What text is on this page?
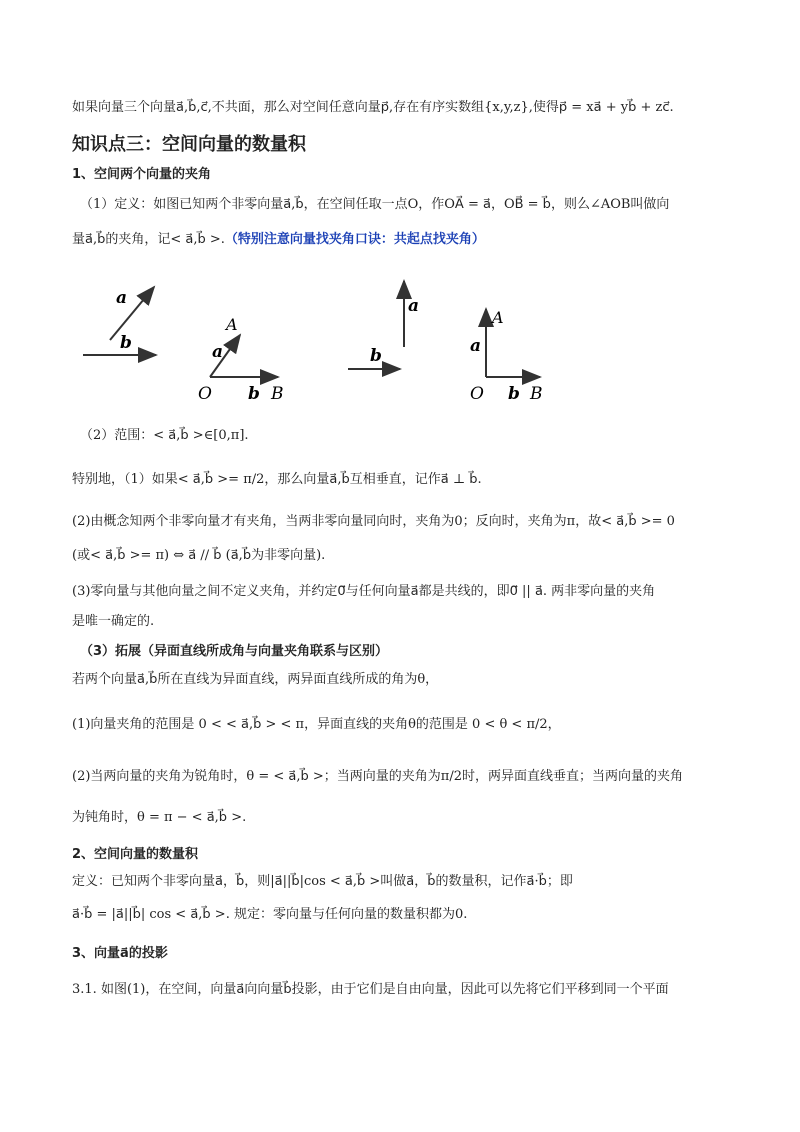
如果向量三个向量a⃗,b⃗,c⃗,不共面，那么对空间任意向量p⃗,存在有序实数组{x,y,z},使得p⃗ = xa⃗ + yb⃗ + zc⃗.
知识点三：空间向量的数量积
1、空间两个向量的夹角
（1）定义：如图已知两个非零向量a⃗,b⃗，在空间任取一点O，作OA⃗ = a⃗，OB⃗ = b⃗，则么∠AOB叫做向
量a⃗,b⃗的夹角，记< a⃗,b⃗ >.（特别注意向量找夹角口诀：共起点找夹角）
a
b
A
a
O b B
a
b
A
a
O b B
（2）范围：< a⃗,b⃗ >∈[0,π].
特别地，（1）如果< a⃗,b⃗ >= π/2，那么向量a⃗,b⃗互相垂直，记作a⃗ ⊥ b⃗.
(2)由概念知两个非零向量才有夹角，当两非零向量同向时，夹角为0；反向时，夹角为π，故< a⃗,b⃗ >= 0
(或< a⃗,b⃗ >= π) ⇔ a⃗ // b⃗ (a⃗,b⃗为非零向量).
(3)零向量与其他向量之间不定义夹角，并约定0⃗与任何向量a⃗都是共线的，即0⃗ || a⃗. 两非零向量的夹角
是唯一确定的.
（3）拓展（异面直线所成角与向量夹角联系与区别）
若两个向量a⃗,b⃗所在直线为异面直线，两异面直线所成的角为θ，
(1)向量夹角的范围是 0 < < a⃗,b⃗ > < π，异面直线的夹角θ的范围是 0 < θ < π/2，
(2)当两向量的夹角为锐角时，θ = < a⃗,b⃗ >；当两向量的夹角为π/2时，两异面直线垂直；当两向量的夹角
为钝角时，θ = π − < a⃗,b⃗ >.
2、空间向量的数量积
定义：已知两个非零向量a⃗，b⃗，则|a⃗||b⃗|cos < a⃗,b⃗ >叫做a⃗，b⃗的数量积，记作a⃗·b⃗；即
a⃗·b⃗ = |a⃗||b⃗| cos < a⃗,b⃗ >. 规定：零向量与任何向量的数量积都为0.
3、向量a⃗的投影
3.1. 如图(1)，在空间，向量a⃗向向量b⃗投影，由于它们是自由向量，因此可以先将它们平移到同一个平面
